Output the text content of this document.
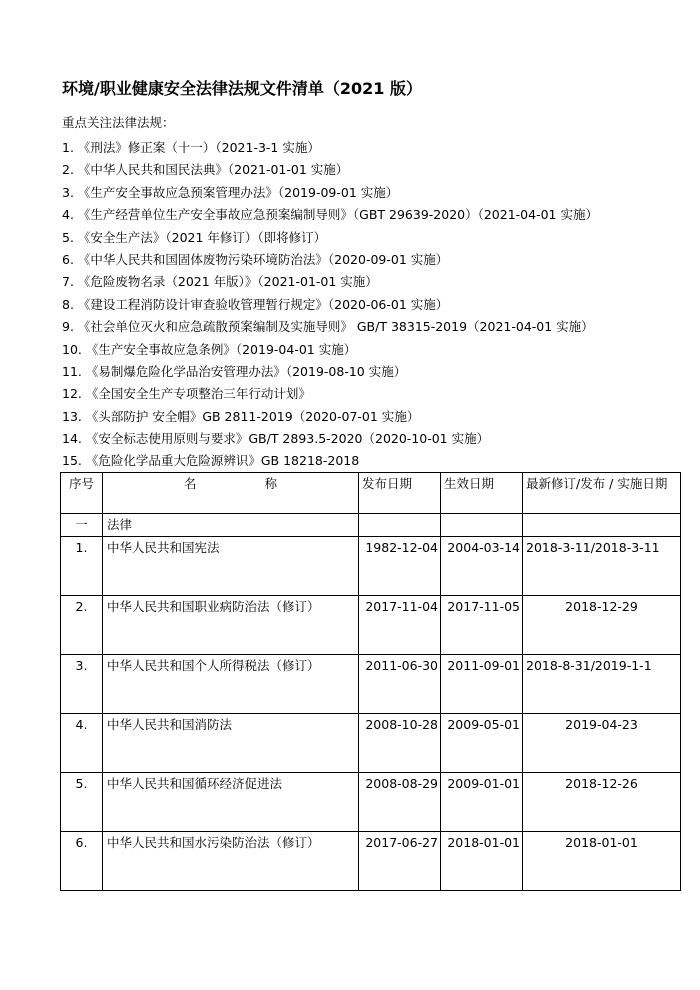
环境/职业健康安全法律法规文件清单（2021 版）
重点关注法律法规：
1. 《刑法》修正案（十一）（2021-3-1 实施）
2. 《中华人民共和国民法典》（2021-01-01 实施）
3. 《生产安全事故应急预案管理办法》（2019-09-01 实施）
4. 《生产经营单位生产安全事故应急预案编制导则》（GBT 29639-2020）（2021-04-01 实施）
5. 《安全生产法》（2021 年修订）（即将修订）
6. 《中华人民共和国固体废物污染环境防治法》（2020-09-01 实施）
7. 《危险废物名录（2021 年版）》（2021-01-01 实施）
8. 《建设工程消防设计审查验收管理暂行规定》（2020-06-01 实施）
9. 《社会单位灭火和应急疏散预案编制及实施导则》 GB/T 38315-2019（2021-04-01 实施）
10. 《生产安全事故应急条例》（2019-04-01 实施）
11. 《易制爆危险化学品治安管理办法》（2019-08-10 实施）
12. 《全国安全生产专项整治三年行动计划》
13. 《头部防护 安全帽》GB 2811-2019（2020-07-01 实施）
14. 《安全标志使用原则与要求》GB/T 2893.5-2020（2020-10-01 实施）
15. 《危险化学品重大危险源辨识》GB 18218-2018
序号	名 称	发布日期	生效日期	最新修订/发布 / 实施日期
一	法律			
1.	中华人民共和国宪法	1982-12-04	2004-03-14	2018-3-11/2018-3-11
2.	中华人民共和国职业病防治法（修订）	2017-11-04	2017-11-05	2018-12-29
3.	中华人民共和国个人所得税法（修订）	2011-06-30	2011-09-01	2018-8-31/2019-1-1
4.	中华人民共和国消防法	2008-10-28	2009-05-01	2019-04-23
5.	中华人民共和国循环经济促进法	2008-08-29	2009-01-01	2018-12-26
6.	中华人民共和国水污染防治法（修订）	2017-06-27	2018-01-01	2018-01-01
